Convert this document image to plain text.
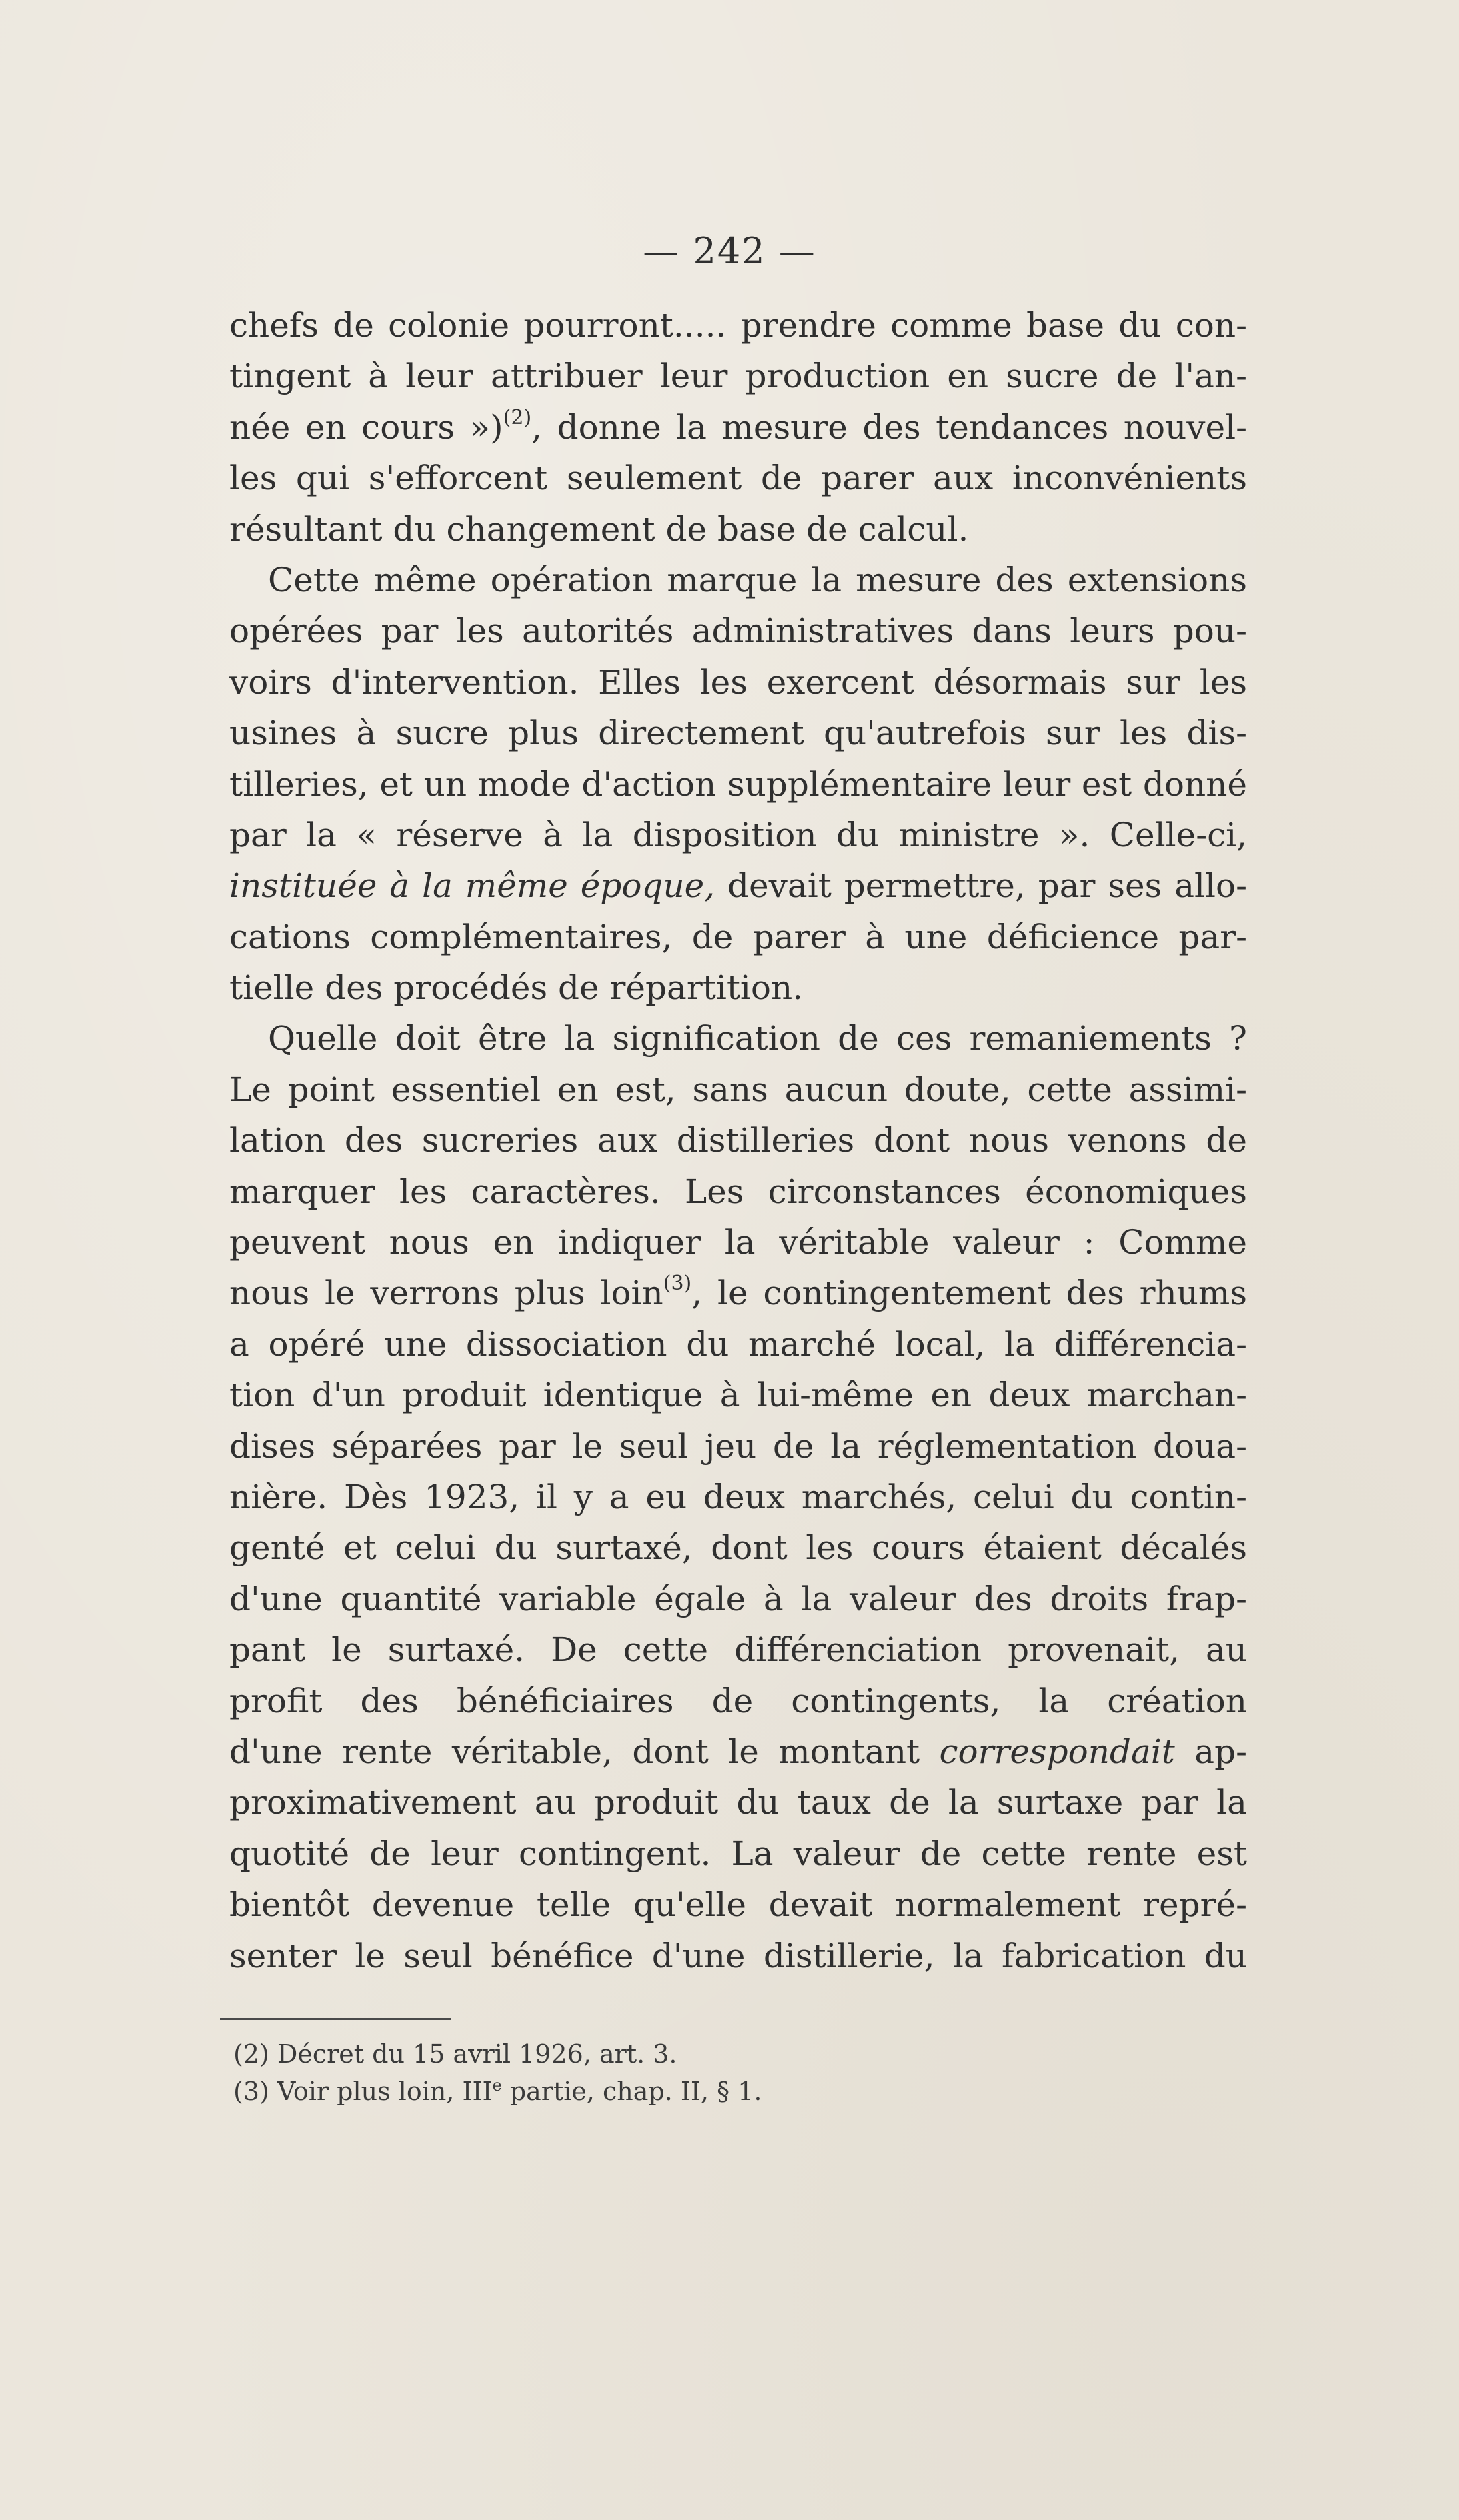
— 242 —
chefs de colonie pourront..... prendre comme base du con-
tingent à leur attribuer leur production en sucre de l'an-
née en cours »)$^{(2)}$, donne la mesure des tendances nouvel-
les qui s'efforcent seulement de parer aux inconvénients
résultant du changement de base de calcul.
Cette même opération marque la mesure des extensions
opérées par les autorités administratives dans leurs pou-
voirs d'intervention. Elles les exercent désormais sur les
usines à sucre plus directement qu'autrefois sur les dis-
tilleries, et un mode d'action supplémentaire leur est donné
par la « réserve à la disposition du ministre ». Celle-ci,
instituée à la même époque, devait permettre, par ses allo-
cations complémentaires, de parer à une déficience par-
tielle des procédés de répartition.
Quelle doit être la signification de ces remaniements ?
Le point essentiel en est, sans aucun doute, cette assimi-
lation des sucreries aux distilleries dont nous venons de
marquer les caractères. Les circonstances économiques
peuvent nous en indiquer la véritable valeur : Comme
nous le verrons plus loin$^{(3)}$, le contingentement des rhums
a opéré une dissociation du marché local, la différencia-
tion d'un produit identique à lui-même en deux marchan-
dises séparées par le seul jeu de la réglementation doua-
nière. Dès 1923, il y a eu deux marchés, celui du contin-
genté et celui du surtaxé, dont les cours étaient décalés
d'une quantité variable égale à la valeur des droits frap-
pant le surtaxé. De cette différenciation provenait, au
profit des bénéficiaires de contingents, la création
d'une rente véritable, dont le montant correspondait ap-
proximativement au produit du taux de la surtaxe par la
quotité de leur contingent. La valeur de cette rente est
bientôt devenue telle qu'elle devait normalement repré-
senter le seul bénéfice d'une distillerie, la fabrication du
(2) Décret du 15 avril 1926, art. 3.
(3) Voir plus loin, IIIe partie, chap. II, § 1.
